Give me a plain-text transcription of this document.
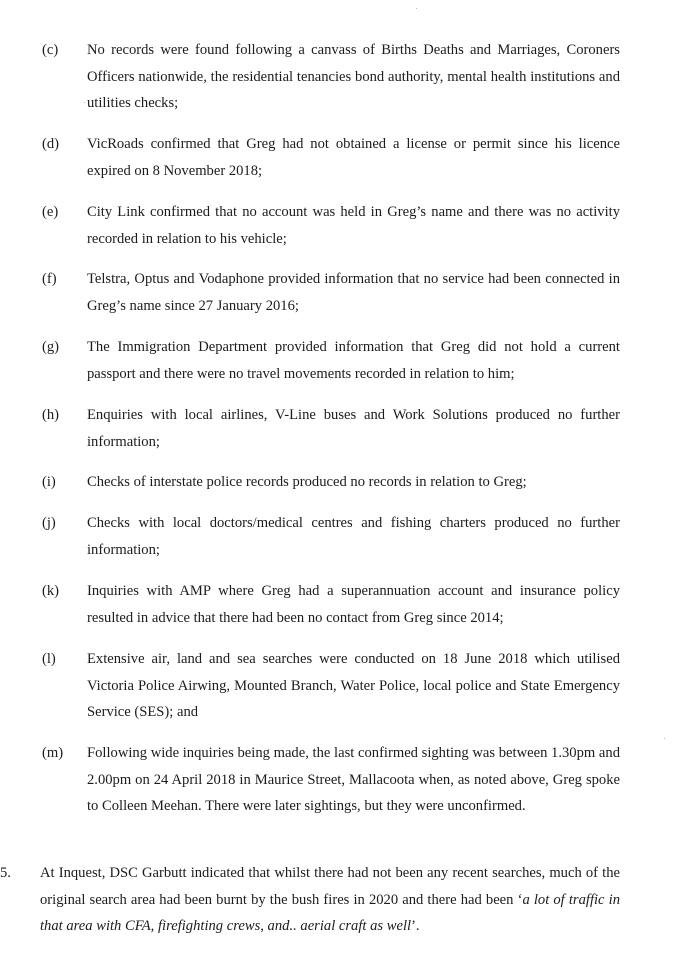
(c)	No records were found following a canvass of Births Deaths and Marriages, Coroners Officers nationwide, the residential tenancies bond authority, mental health institutions and utilities checks;
(d)	VicRoads confirmed that Greg had not obtained a license or permit since his licence expired on 8 November 2018;
(e)	City Link confirmed that no account was held in Greg’s name and there was no activity recorded in relation to his vehicle;
(f)	Telstra, Optus and Vodaphone provided information that no service had been connected in Greg’s name since 27 January 2016;
(g)	The Immigration Department provided information that Greg did not hold a current passport and there were no travel movements recorded in relation to him;
(h)	Enquiries with local airlines, V-Line buses and Work Solutions produced no further information;
(i)	Checks of interstate police records produced no records in relation to Greg;
(j)	Checks with local doctors/medical centres and fishing charters produced no further information;
(k)	Inquiries with AMP where Greg had a superannuation account and insurance policy resulted in advice that there had been no contact from Greg since 2014;
(l)	Extensive air, land and sea searches were conducted on 18 June 2018 which utilised Victoria Police Airwing, Mounted Branch, Water Police, local police and State Emergency Service (SES); and
(m)	Following wide inquiries being made, the last confirmed sighting was between 1.30pm and 2.00pm on 24 April 2018 in Maurice Street, Mallacoota when, as noted above, Greg spoke to Colleen Meehan. There were later sightings, but they were unconfirmed.
5.	At Inquest, DSC Garbutt indicated that whilst there had not been any recent searches, much of the original search area had been burnt by the bush fires in 2020 and there had been ‘a lot of traffic in that area with CFA, firefighting crews, and.. aerial craft as well’.
